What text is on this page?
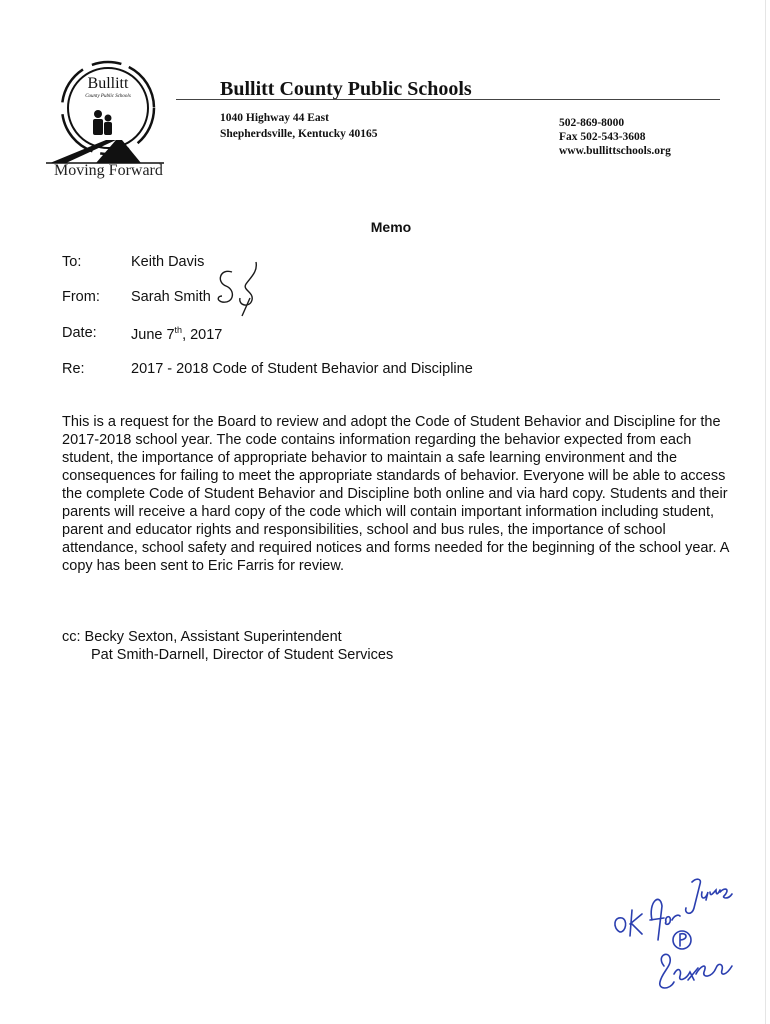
Bullitt
County Public Schools
Moving Forward
Bullitt County Public Schools
1040 Highway 44 East
Shepherdsville, Kentucky 40165
502-869-8000
Fax 502-543-3608
www.bullittschools.org
Memo
To:	Keith Davis
From: Sarah Smith
Date: June 7th, 2017
Re:	2017 - 2018 Code of Student Behavior and Discipline
This is a request for the Board to review and adopt the Code of Student Behavior and Discipline for the 2017-2018 school year. The code contains information regarding the behavior expected from each student, the importance of appropriate behavior to maintain a safe learning environment and the consequences for failing to meet the appropriate standards of behavior. Everyone will be able to access the complete Code of Student Behavior and Discipline both online and via hard copy. Students and their parents will receive a hard copy of the code which will contain important information including student, parent and educator rights and responsibilities, school and bus rules, the importance of school attendance, school safety and required notices and forms needed for the beginning of the school year. A copy has been sent to Eric Farris for review.
cc: Becky Sexton, Assistant Superintendent
Pat Smith-Darnell, Director of Student Services
